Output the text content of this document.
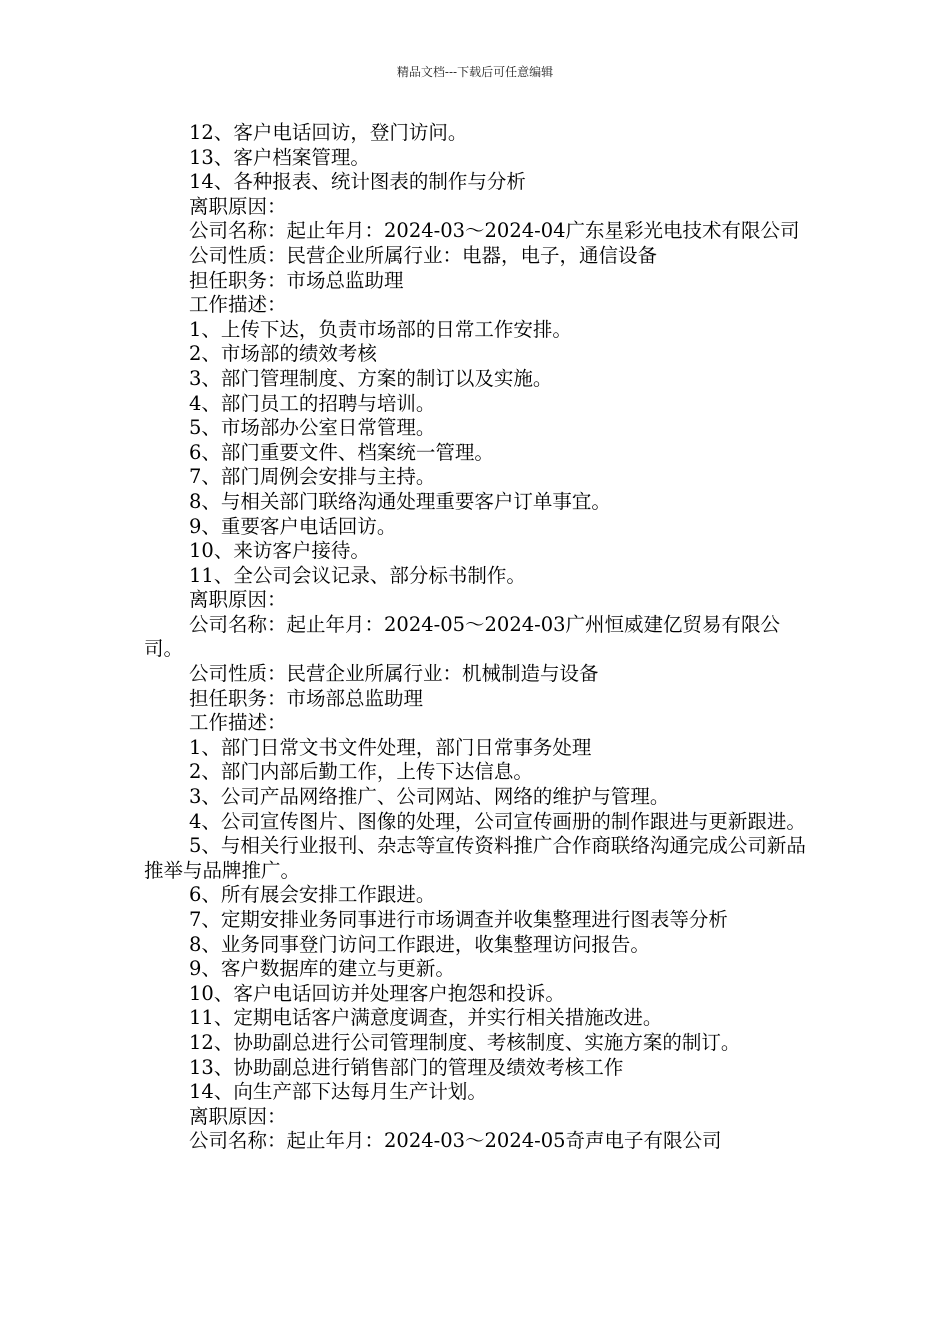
精品文档---下载后可任意编辑

12、客户电话回访，登门访问。

13、客户档案管理。

14、各种报表、统计图表的制作与分析

离职原因：

公司名称：起止年月：2024-03～2024-04广东星彩光电技术有限公司

公司性质：民营企业所属行业：电器，电子，通信设备

担任职务：市场总监助理

工作描述：

1、上传下达，负责市场部的日常工作安排。

2、市场部的绩效考核

3、部门管理制度、方案的制订以及实施。

4、部门员工的招聘与培训。

5、市场部办公室日常管理。

6、部门重要文件、档案统一管理。

7、部门周例会安排与主持。

8、与相关部门联络沟通处理重要客户订单事宜。

9、重要客户电话回访。

10、来访客户接待。

11、全公司会议记录、部分标书制作。

离职原因：

公司名称：起止年月：2024-05～2024-03广州恒威建亿贸易有限公司。

公司性质：民营企业所属行业：机械制造与设备

担任职务：市场部总监助理

工作描述：

1、部门日常文书文件处理，部门日常事务处理

2、部门内部后勤工作，上传下达信息。

3、公司产品网络推广、公司网站、网络的维护与管理。

4、公司宣传图片、图像的处理，公司宣传画册的制作跟进与更新跟进。

5、与相关行业报刊、杂志等宣传资料推广合作商联络沟通完成公司新品推举与品牌推广。

6、所有展会安排工作跟进。

7、定期安排业务同事进行市场调查并收集整理进行图表等分析

8、业务同事登门访问工作跟进，收集整理访问报告。

9、客户数据库的建立与更新。

10、客户电话回访并处理客户抱怨和投诉。

11、定期电话客户满意度调查，并实行相关措施改进。

12、协助副总进行公司管理制度、考核制度、实施方案的制订。

13、协助副总进行销售部门的管理及绩效考核工作

14、向生产部下达每月生产计划。

离职原因：

公司名称：起止年月：2024-03～2024-05奇声电子有限公司
